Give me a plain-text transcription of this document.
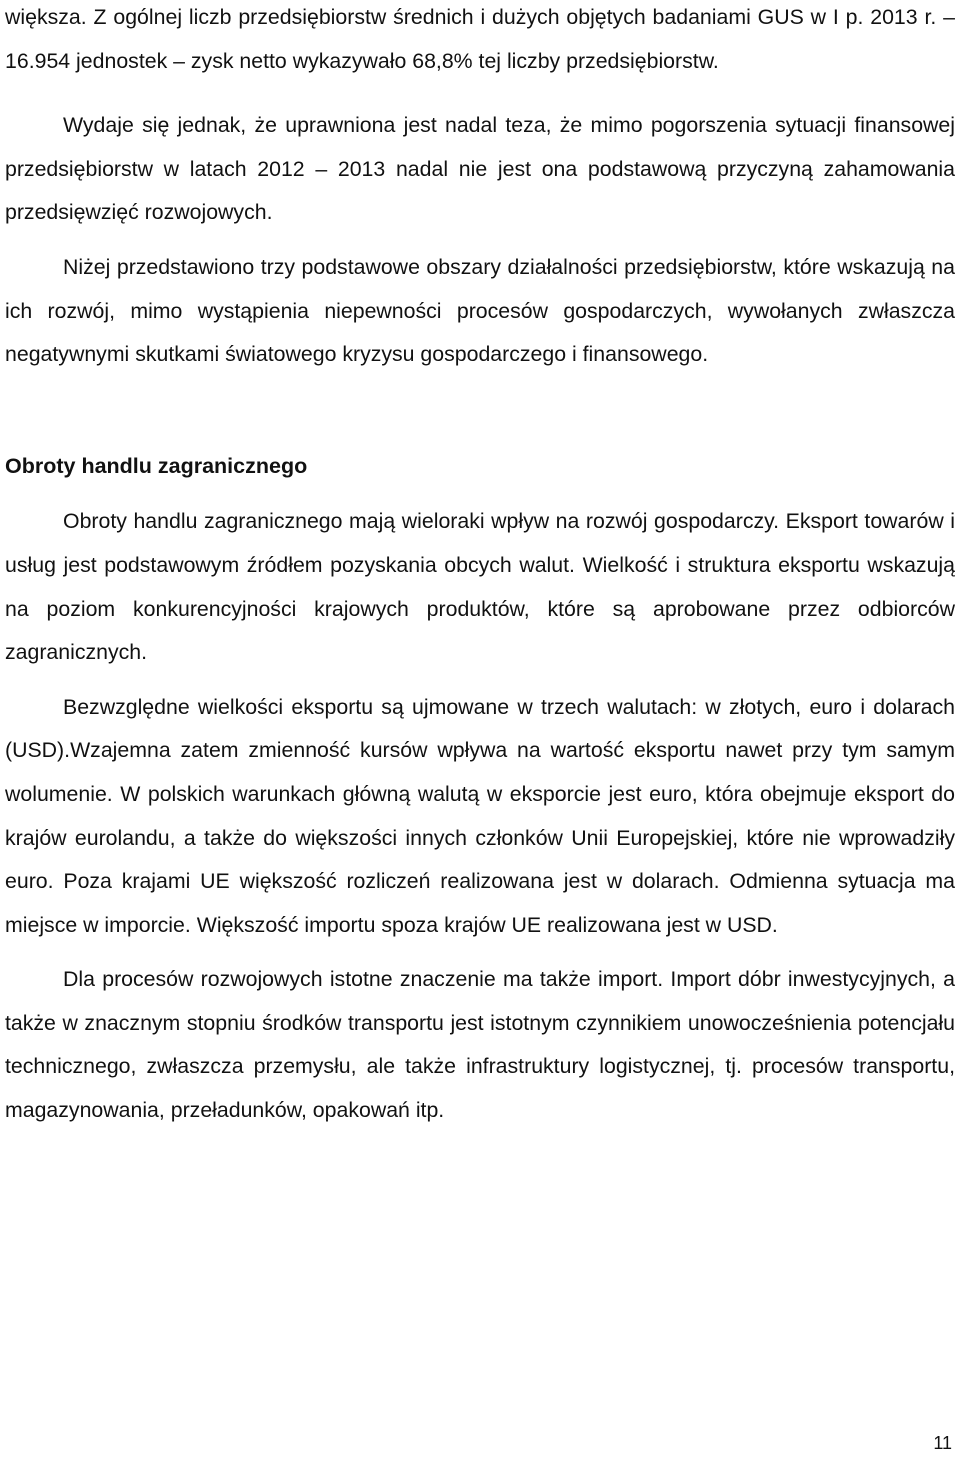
większa. Z ogólnej liczb przedsiębiorstw średnich i dużych objętych badaniami GUS w I p. 2013 r. – 16.954 jednostek – zysk netto wykazywało 68,8% tej liczby przedsiębiorstw.

Wydaje się jednak, że uprawniona jest nadal teza, że mimo pogorszenia sytuacji finansowej przedsiębiorstw w latach 2012 – 2013 nadal nie jest ona podstawową przyczyną zahamowania przedsięwzięć rozwojowych.

Niżej przedstawiono trzy podstawowe obszary działalności przedsiębiorstw, które wskazują na ich rozwój, mimo wystąpienia niepewności procesów gospodarczych, wywołanych zwłaszcza negatywnymi skutkami światowego kryzysu gospodarczego i finansowego.

Obroty handlu zagranicznego

Obroty handlu zagranicznego mają wieloraki wpływ na rozwój gospodarczy. Eksport towarów i usług jest podstawowym źródłem pozyskania obcych walut. Wielkość i struktura eksportu wskazują na poziom konkurencyjności krajowych produktów, które są aprobowane przez odbiorców zagranicznych.

Bezwzględne wielkości eksportu są ujmowane w trzech walutach: w złotych, euro i dolarach (USD).Wzajemna zatem zmienność kursów wpływa na wartość eksportu nawet przy tym samym wolumenie. W polskich warunkach główną walutą w eksporcie jest euro, która obejmuje eksport do krajów eurolandu, a także do większości innych członków Unii Europejskiej, które nie wprowadziły euro. Poza krajami UE większość rozliczeń realizowana jest w dolarach. Odmienna sytuacja ma miejsce w imporcie. Większość importu spoza krajów UE realizowana jest w USD.

Dla procesów rozwojowych istotne znaczenie ma także import. Import dóbr inwestycyjnych, a także w znacznym stopniu środków transportu jest istotnym czynnikiem unowocześnienia potencjału technicznego, zwłaszcza przemysłu, ale także infrastruktury logistycznej, tj. procesów transportu, magazynowania, przeładunków, opakowań itp.

11
